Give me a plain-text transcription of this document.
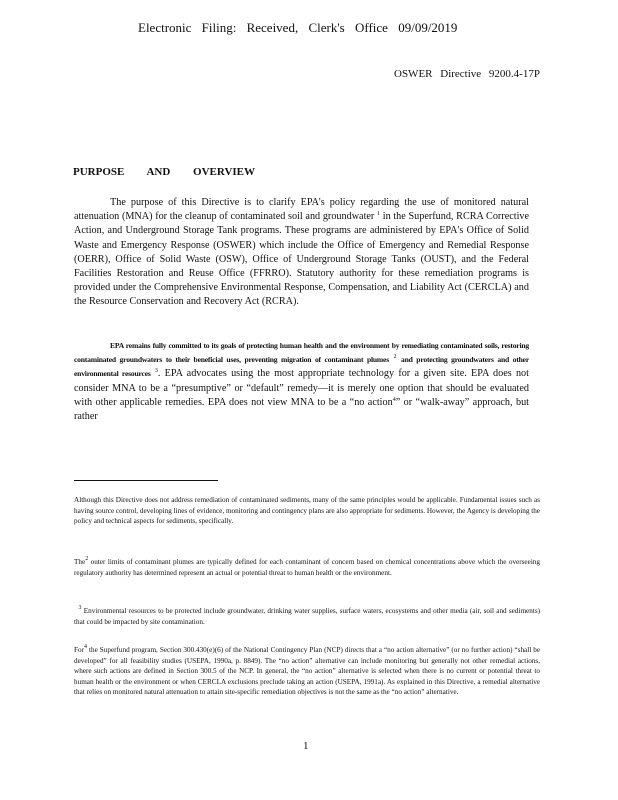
Electronic Filing: Received, Clerk's Office 09/09/2019
OSWER Directive 9200.4-17P
PURPOSE AND OVERVIEW
The purpose of this Directive is to clarify EPA's policy regarding the use of monitored natural attenuation (MNA) for the cleanup of contaminated soil and groundwater $^1$ in the Superfund, RCRA Corrective Action, and Underground Storage Tank programs. These programs are administered by EPA's Office of Solid Waste and Emergency Response (OSWER) which include the Office of Emergency and Remedial Response (OERR), Office of Solid Waste (OSW), Office of Underground Storage Tanks (OUST), and the Federal Facilities Restoration and Reuse Office (FFRRO). Statutory authority for these remediation programs is provided under the Comprehensive Environmental Response, Compensation, and Liability Act (CERCLA) and the Resource Conservation and Recovery Act (RCRA).
EPA remains fully committed to its goals of protecting human health and the environment by remediating contaminated soils, restoring contaminated groundwaters to their beneficial uses, preventing migration of contaminant plumes $^2$ and protecting groundwaters and other environmental resources $^3$. EPA advocates using the most appropriate technology for a given site. EPA does not consider MNA to be a “presumptive” or “default” remedy—it is merely one option that should be evaluated with other applicable remedies. EPA does not view MNA to be a “no action$^4$” or “walk-away” approach, but rather
Although this Directive does not address remediation of contaminated sediments, many of the same principles would be applicable. Fundamental issues such as having source control, developing lines of evidence, monitoring and contingency plans are also appropriate for sediments. However, the Agency is developing the policy and technical aspects for sediments, specifically.
The$^2$ outer limits of contaminant plumes are typically defined for each contaminant of concern based on chemical concentrations above which the overseeing regulatory authority has determined represent an actual or potential threat to human health or the environment.
$^3$ Environmental resources to be protected include groundwater, drinking water supplies, surface waters, ecosystems and other media (air, soil and sediments) that could be impacted by site contamination.
For$^4$ the Superfund program, Section 300.430(e)(6) of the National Contingency Plan (NCP) directs that a “no action alternative” (or no further action) “shall be developed” for all feasibility studies (USEPA, 1990a, p. 8849). The “no action” alternative can include monitoring but generally not other remedial actions, where such actions are defined in Section 300.5 of the NCP. In general, the “no action” alternative is selected when there is no current or potential threat to human health or the environment or when CERCLA exclusions preclude taking an action (USEPA, 1991a). As explained in this Directive, a remedial alternative that relies on monitored natural attenuation to attain site-specific remediation objectives is not the same as the “no action” alternative.
1
